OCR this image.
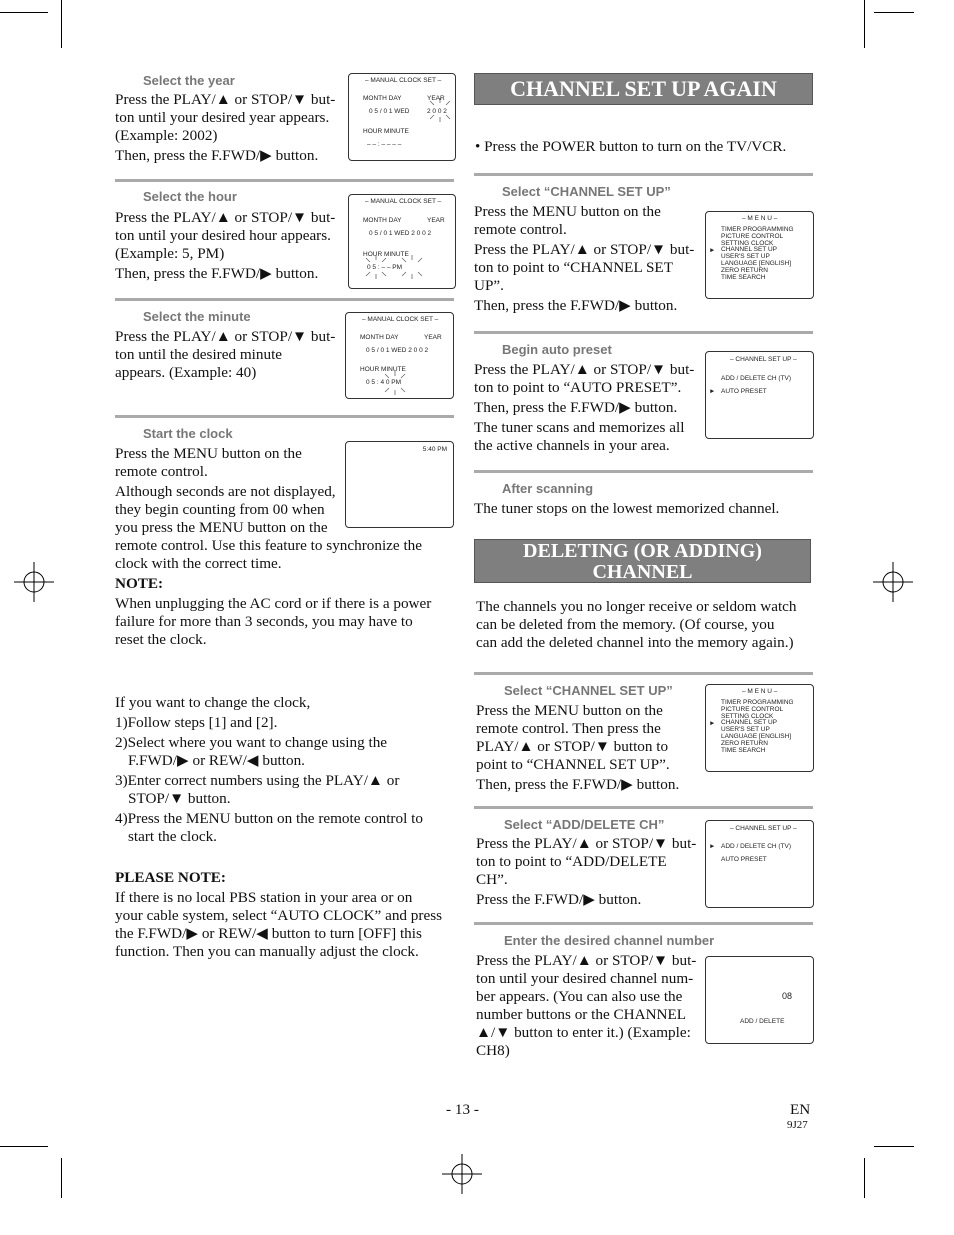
Select the year

Press the PLAY/▲ or STOP/▼ but-

ton until your desired year appears.

(Example: 2002)

Then, press the F.FWD/▶ button.

– MANUAL CLOCK SET –
MONTH DAY	YEAR
0 5 / 0 1 WED	2 0 0 2
HOUR MINUTE
– – : – – – –
Select the hour

Press the PLAY/▲ or STOP/▼ but-

ton until your desired hour appears.

(Example: 5, PM)

Then, press the F.FWD/▶ button.

– MANUAL CLOCK SET –
MONTH DAY	YEAR
0 5 / 0 1 WED 2 0 0 2
HOUR MINUTE
0 5 : – – PM
Select the minute

Press the PLAY/▲ or STOP/▼ but-

ton until the desired minute

appears. (Example: 40)

– MANUAL CLOCK SET –
MONTH DAY	YEAR
0 5 / 0 1 WED 2 0 0 2
HOUR MINUTE
0 5 : 4 0 PM
Start the clock

Press the MENU button on the

remote control.

Although seconds are not displayed,

they begin counting from 00 when

you press the MENU button on the

remote control. Use this feature to synchronize the

clock with the correct time.

NOTE:

When unplugging the AC cord or if there is a power

failure for more than 3 seconds, you may have to

reset the clock.

5:40 PM

If you want to change the clock,

1)Follow steps [1] and [2].

2)Select where you want to change using the

F.FWD/▶ or REW/◀ button.

3)Enter correct numbers using the PLAY/▲ or

STOP/▼ button.

4)Press the MENU button on the remote control to

start the clock.

PLEASE NOTE:

If there is no local PBS station in your area or on

your cable system, select “AUTO CLOCK” and press

the F.FWD/▶ or REW/◀ button to turn [OFF] this

function. Then you can manually adjust the clock.

CHANNEL SET UP AGAIN
• Press the POWER button to turn on the TV/VCR.
Select “CHANNEL SET UP”

Press the MENU button on the

remote control.

Press the PLAY/▲ or STOP/▼ but-

ton to point to “CHANNEL SET

UP”.

Then, press the F.FWD/▶ button.

– M E N U –
TIMER PROGRAMMING
PICTURE CONTROL
SETTING CLOCK
CHANNEL SET UP
USER'S SET UP
LANGUAGE [ENGLISH]
ZERO RETURN
TIME SEARCH
►
Begin auto preset

Press the PLAY/▲ or STOP/▼ but-

ton to point to “AUTO PRESET”.

Then, press the F.FWD/▶ button.

The tuner scans and memorizes all

the active channels in your area.

– CHANNEL SET UP –
ADD / DELETE CH (TV)
AUTO PRESET
►
After scanning
The tuner stops on the lowest memorized channel.
DELETING (OR ADDING)
CHANNEL

The channels you no longer receive or seldom watch

can be deleted from the memory. (Of course, you

can add the deleted channel into the memory again.)

Select “CHANNEL SET UP”

Press the MENU button on the

remote control. Then press the

PLAY/▲ or STOP/▼ button to

point to “CHANNEL SET UP”.

Then, press the F.FWD/▶ button.

– M E N U –
TIMER PROGRAMMING
PICTURE CONTROL
SETTING CLOCK
CHANNEL SET UP
USER'S SET UP
LANGUAGE [ENGLISH]
ZERO RETURN
TIME SEARCH
►
Select “ADD/DELETE CH”

Press the PLAY/▲ or STOP/▼ but-

ton to point to “ADD/DELETE

CH”.

Press the F.FWD/▶ button.

– CHANNEL SET UP –
ADD / DELETE CH (TV)
AUTO PRESET
►
Enter the desired channel number

Press the PLAY/▲ or STOP/▼ but-

ton until your desired channel num-

ber appears. (You can also use the

number buttons or the CHANNEL

▲/▼ button to enter it.) (Example:

CH8)

08
ADD / DELETE
- 13 -	EN
9J27
